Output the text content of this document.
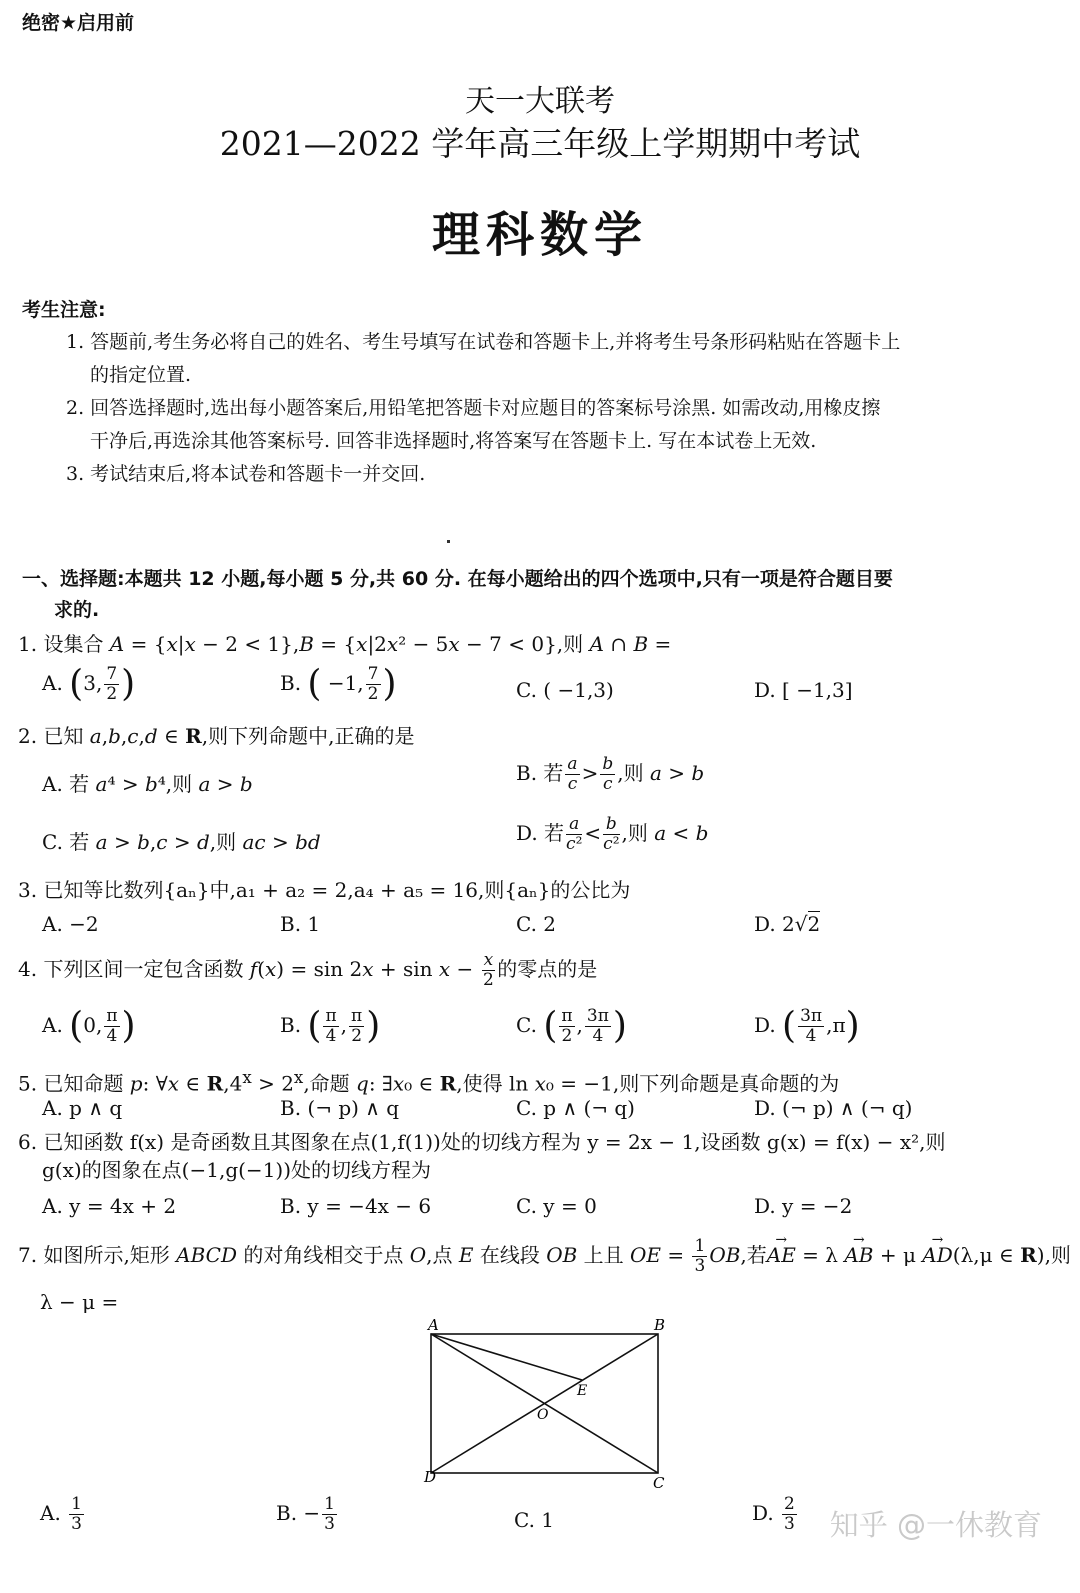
绝密★启用前
天一大联考
2021—2022 学年高三年级上学期期中考试
理科数学
考生注意:
1. 答题前,考生务必将自己的姓名、考生号填写在试卷和答题卡上,并将考生号条形码粘贴在答题卡上
的指定位置.
2. 回答选择题时,选出每小题答案后,用铅笔把答题卡对应题目的答案标号涂黑. 如需改动,用橡皮擦
干净后,再选涂其他答案标号. 回答非选择题时,将答案写在答题卡上. 写在本试卷上无效.
3. 考试结束后,将本试卷和答题卡一并交回.
一、选择题:本题共 12 小题,每小题 5 分,共 60 分. 在每小题给出的四个选项中,只有一项是符合题目要
求的.
1. 设集合 A = {x|x − 2 < 1},B = {x|2x² − 5x − 7 < 0},则 A ∩ B =
A. (3, $\frac{7}{2}$ )	B. ( −1, $\frac{7}{2}$ )	C. ( −1,3)	D. [ −1,3]
2. 已知 a,b,c,d ∈ R,则下列命题中,正确的是
A. 若 a⁴ > b⁴,则 a > b	B. 若 $\frac{a}{c} > \frac{b}{c}$ ,则 a > b
C. 若 a > b,c > d,则 ac > bd	D. 若 $\frac{a}{\text{c²}} < \frac{b}{\text{c²}}$ ,则 a < b
3. 已知等比数列{aₙ}中,a₁ + a₂ = 2,a₄ + a₅ = 16,则{aₙ}的公比为
A. −2	B. 1	C. 2	D. 2√2
4. 下列区间一定包含函数 $f(x) = \sin 2x + \sin x - \frac{x}{2}$ 的零点的是
A. (0, $\frac{\pi}{4}$ )	B. ( $\frac{\pi}{4}$ , $\frac{\pi}{2}$ )	C. ( $\frac{\pi}{2}$ , $\frac{3\pi}{4}$ )	D. ( $\frac{3\pi}{4} ,\pi$)
5. 已知命题 p: ∀x ∈ $R,4^x > 2^x$,命题 q: ∃x₀ ∈ R,使得 ln x₀ = −1,则下列命题是真命题的为
A. p ∧ q	B. (¬ p) ∧ q	C. p ∧ (¬ q)	D. (¬ p) ∧ (¬ q)
6. 已知函数 f(x) 是奇函数且其图象在点(1,f(1))处的切线方程为 y = 2x − 1,设函数 g(x) = f(x) − x²,则
g(x)的图象在点(−1,g(−1))处的切线方程为
A. y = 4x + 2	B. y = −4x − 6	C. y = 0	D. y = −2
7. 如图所示,矩形 ABCD 的对角线相交于点 O,点 E 在线段 OB 上且 OE = $\frac{1}{3}$ OB,若→ AE = λ → AB + μ → AD(λ,μ ∈ R),则
λ − μ =
A	B
C
D
O
E
A. $\frac{1}{3}$	B. − $\frac{1}{3}$	C. 1	D. $\frac{2}{3}$ 知乎 @一休教育
